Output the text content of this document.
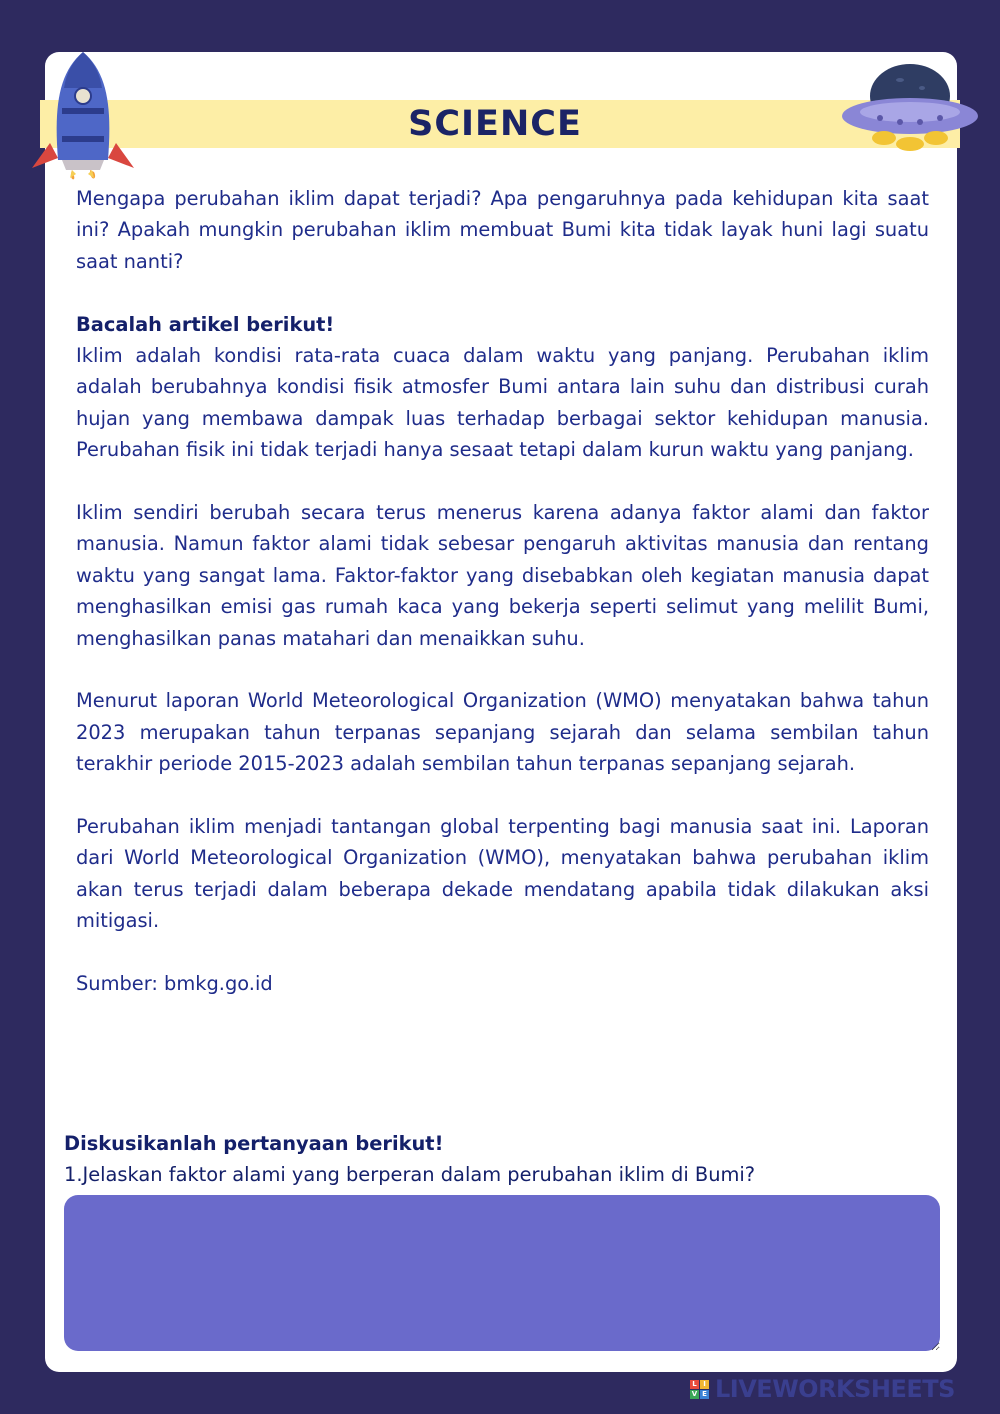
SCIENCE

Mengapa perubahan iklim dapat terjadi? Apa pengaruhnya pada kehidupan kita saat ini? Apakah mungkin perubahan iklim membuat Bumi kita tidak layak huni lagi suatu saat nanti?

Bacalah artikel berikut!

Iklim adalah kondisi rata-rata cuaca dalam waktu yang panjang. Perubahan iklim adalah berubahnya kondisi fisik atmosfer Bumi antara lain suhu dan distribusi curah hujan yang membawa dampak luas terhadap berbagai sektor kehidupan manusia. Perubahan fisik ini tidak terjadi hanya sesaat tetapi dalam kurun waktu yang panjang.

Iklim sendiri berubah secara terus menerus karena adanya faktor alami dan faktor manusia. Namun faktor alami tidak sebesar pengaruh aktivitas manusia dan rentang waktu yang sangat lama. Faktor-faktor yang disebabkan oleh kegiatan manusia dapat menghasilkan emisi gas rumah kaca yang bekerja seperti selimut yang melilit Bumi, menghasilkan panas matahari dan menaikkan suhu.

Menurut laporan World Meteorological Organization (WMO) menyatakan bahwa tahun 2023 merupakan tahun terpanas sepanjang sejarah dan selama sembilan tahun terakhir periode 2015-2023 adalah sembilan tahun terpanas sepanjang sejarah.

Perubahan iklim menjadi tantangan global terpenting bagi manusia saat ini. Laporan dari World Meteorological Organization (WMO), menyatakan bahwa perubahan iklim akan terus terjadi dalam beberapa dekade mendatang apabila tidak dilakukan aksi mitigasi.

Sumber: bmkg.go.id

Diskusikanlah pertanyaan berikut!
1.Jelaskan faktor alami yang berperan dalam perubahan iklim di Bumi?
L I
V E LIVEWORKSHEETS
